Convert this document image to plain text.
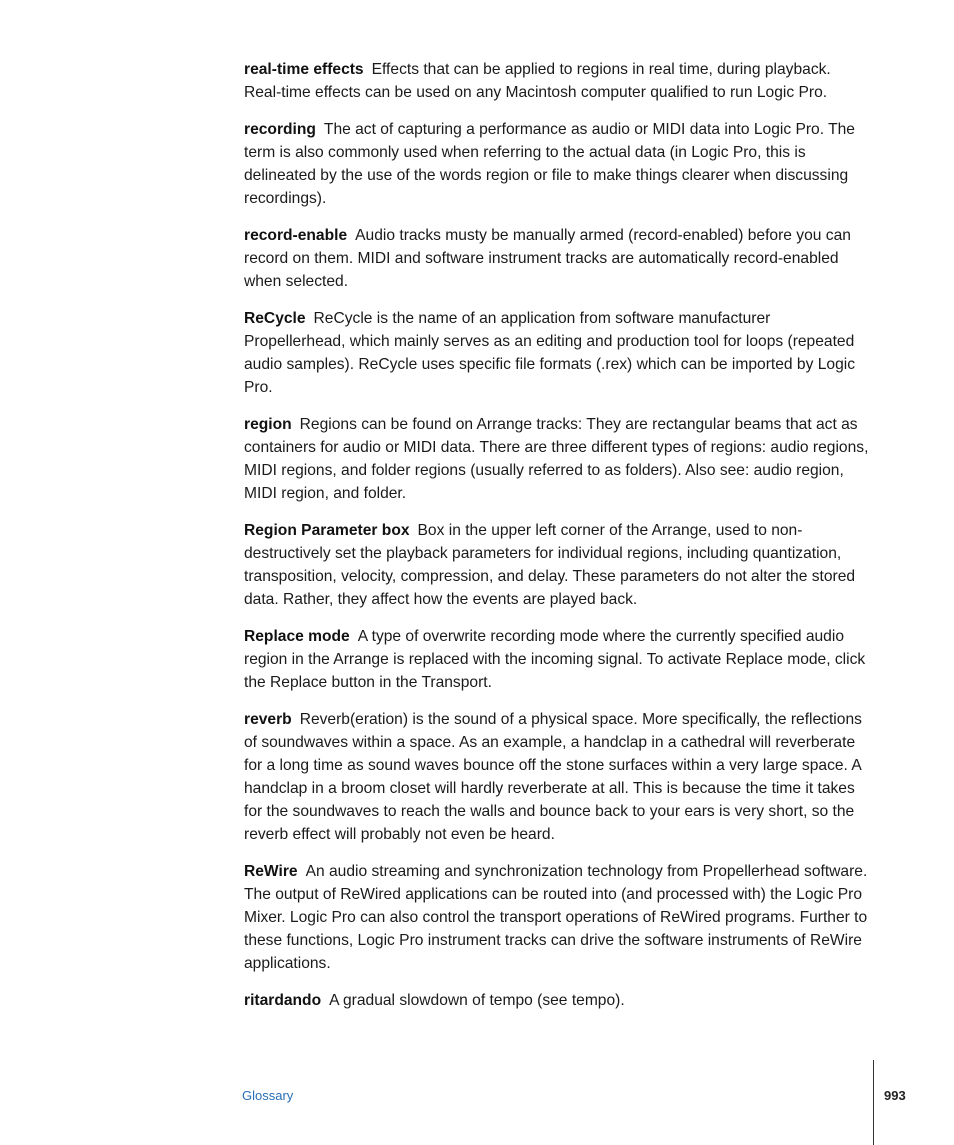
real-time effects Effects that can be applied to regions in real time, during playback. Real-time effects can be used on any Macintosh computer qualified to run Logic Pro.

recording The act of capturing a performance as audio or MIDI data into Logic Pro. The term is also commonly used when referring to the actual data (in Logic Pro, this is delineated by the use of the words region or file to make things clearer when discussing recordings).

record-enable Audio tracks musty be manually armed (record-enabled) before you can record on them. MIDI and software instrument tracks are automatically record-enabled when selected.

ReCycle ReCycle is the name of an application from software manufacturer Propellerhead, which mainly serves as an editing and production tool for loops (repeated audio samples). ReCycle uses specific file formats (.rex) which can be imported by Logic Pro.

region Regions can be found on Arrange tracks: They are rectangular beams that act as containers for audio or MIDI data. There are three different types of regions: audio regions, MIDI regions, and folder regions (usually referred to as folders). Also see: audio region, MIDI region, and folder.

Region Parameter box Box in the upper left corner of the Arrange, used to non-destructively set the playback parameters for individual regions, including quantization, transposition, velocity, compression, and delay. These parameters do not alter the stored data. Rather, they affect how the events are played back.

Replace mode A type of overwrite recording mode where the currently specified audio region in the Arrange is replaced with the incoming signal. To activate Replace mode, click the Replace button in the Transport.

reverb Reverb(eration) is the sound of a physical space. More specifically, the reflections of soundwaves within a space. As an example, a handclap in a cathedral will reverberate for a long time as sound waves bounce off the stone surfaces within a very large space. A handclap in a broom closet will hardly reverberate at all. This is because the time it takes for the soundwaves to reach the walls and bounce back to your ears is very short, so the reverb effect will probably not even be heard.

ReWire An audio streaming and synchronization technology from Propellerhead software. The output of ReWired applications can be routed into (and processed with) the Logic Pro Mixer. Logic Pro can also control the transport operations of ReWired programs. Further to these functions, Logic Pro instrument tracks can drive the software instruments of ReWire applications.

ritardando A gradual slowdown of tempo (see tempo).

Glossary	993
